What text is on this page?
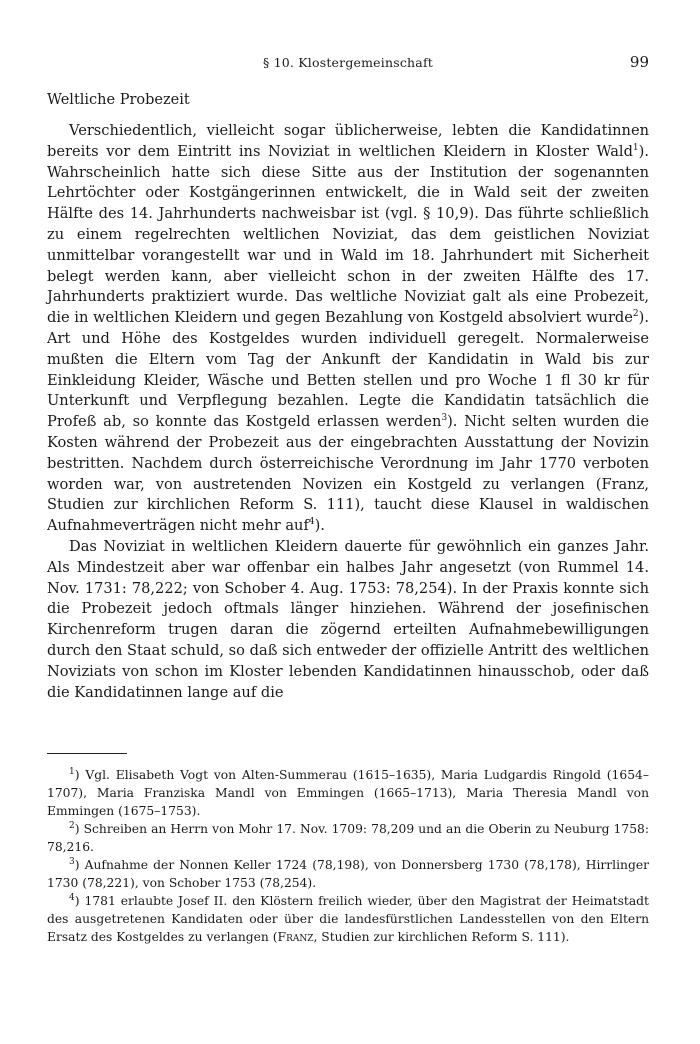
§ 10. Klostergemeinschaft	99
Weltliche Probezeit

Verschiedentlich, vielleicht sogar üblicherweise, lebten die Kandidatinnen bereits vor dem Eintritt ins Noviziat in weltlichen Kleidern in Kloster Wald$^1$). Wahrscheinlich hatte sich diese Sitte aus der Institution der sogenannten Lehrtöchter oder Kostgängerinnen entwickelt, die in Wald seit der zweiten Hälfte des 14. Jahrhunderts nachweisbar ist (vgl. § 10,9). Das führte schließlich zu einem regelrechten weltlichen Noviziat, das dem geistlichen Noviziat unmittelbar vorangestellt war und in Wald im 18. Jahrhundert mit Sicherheit belegt werden kann, aber vielleicht schon in der zweiten Hälfte des 17. Jahrhunderts praktiziert wurde. Das weltliche Noviziat galt als eine Probezeit, die in weltlichen Kleidern und gegen Bezahlung von Kostgeld absolviert wurde$^2$). Art und Höhe des Kostgeldes wurden individuell geregelt. Normalerweise mußten die Eltern vom Tag der Ankunft der Kandidatin in Wald bis zur Einkleidung Kleider, Wäsche und Betten stellen und pro Woche 1 fl 30 kr für Unterkunft und Verpflegung bezahlen. Legte die Kandidatin tatsächlich die Profeß ab, so konnte das Kostgeld erlassen werden$^3$). Nicht selten wurden die Kosten während der Probezeit aus der eingebrachten Ausstattung der Novizin bestritten. Nachdem durch österreichische Verordnung im Jahr 1770 verboten worden war, von austretenden Novizen ein Kostgeld zu verlangen (Franz, Studien zur kirchlichen Reform S. 111), taucht diese Klausel in waldischen Aufnahmeverträgen nicht mehr auf$^4$).

Das Noviziat in weltlichen Kleidern dauerte für gewöhnlich ein ganzes Jahr. Als Mindestzeit aber war offenbar ein halbes Jahr angesetzt (von Rummel 14. Nov. 1731: 78,222; von Schober 4. Aug. 1753: 78,254). In der Praxis konnte sich die Probezeit jedoch oftmals länger hinziehen. Während der josefinischen Kirchenreform trugen daran die zögernd erteilten Aufnahmebewilligungen durch den Staat schuld, so daß sich entweder der offizielle Antritt des weltlichen Noviziats von schon im Kloster lebenden Kandidatinnen hinausschob, oder daß die Kandidatinnen lange auf die

$^1$) Vgl. Elisabeth Vogt von Alten-Summerau (1615–1635), Maria Ludgardis Ringold (1654–1707), Maria Franziska Mandl von Emmingen (1665–1713), Maria Theresia Mandl von Emmingen (1675–1753).

$^2$) Schreiben an Herrn von Mohr 17. Nov. 1709: 78,209 und an die Oberin zu Neuburg 1758: 78,216.

$^3$) Aufnahme der Nonnen Keller 1724 (78,198), von Donnersberg 1730 (78,178), Hirrlinger 1730 (78,221), von Schober 1753 (78,254).

$^4$) 1781 erlaubte Josef II. den Klöstern freilich wieder, über den Magistrat der Heimatstadt des ausgetretenen Kandidaten oder über die landesfürstlichen Landesstellen von den Eltern Ersatz des Kostgeldes zu verlangen (Franz, Studien zur kirchlichen Reform S. 111).
